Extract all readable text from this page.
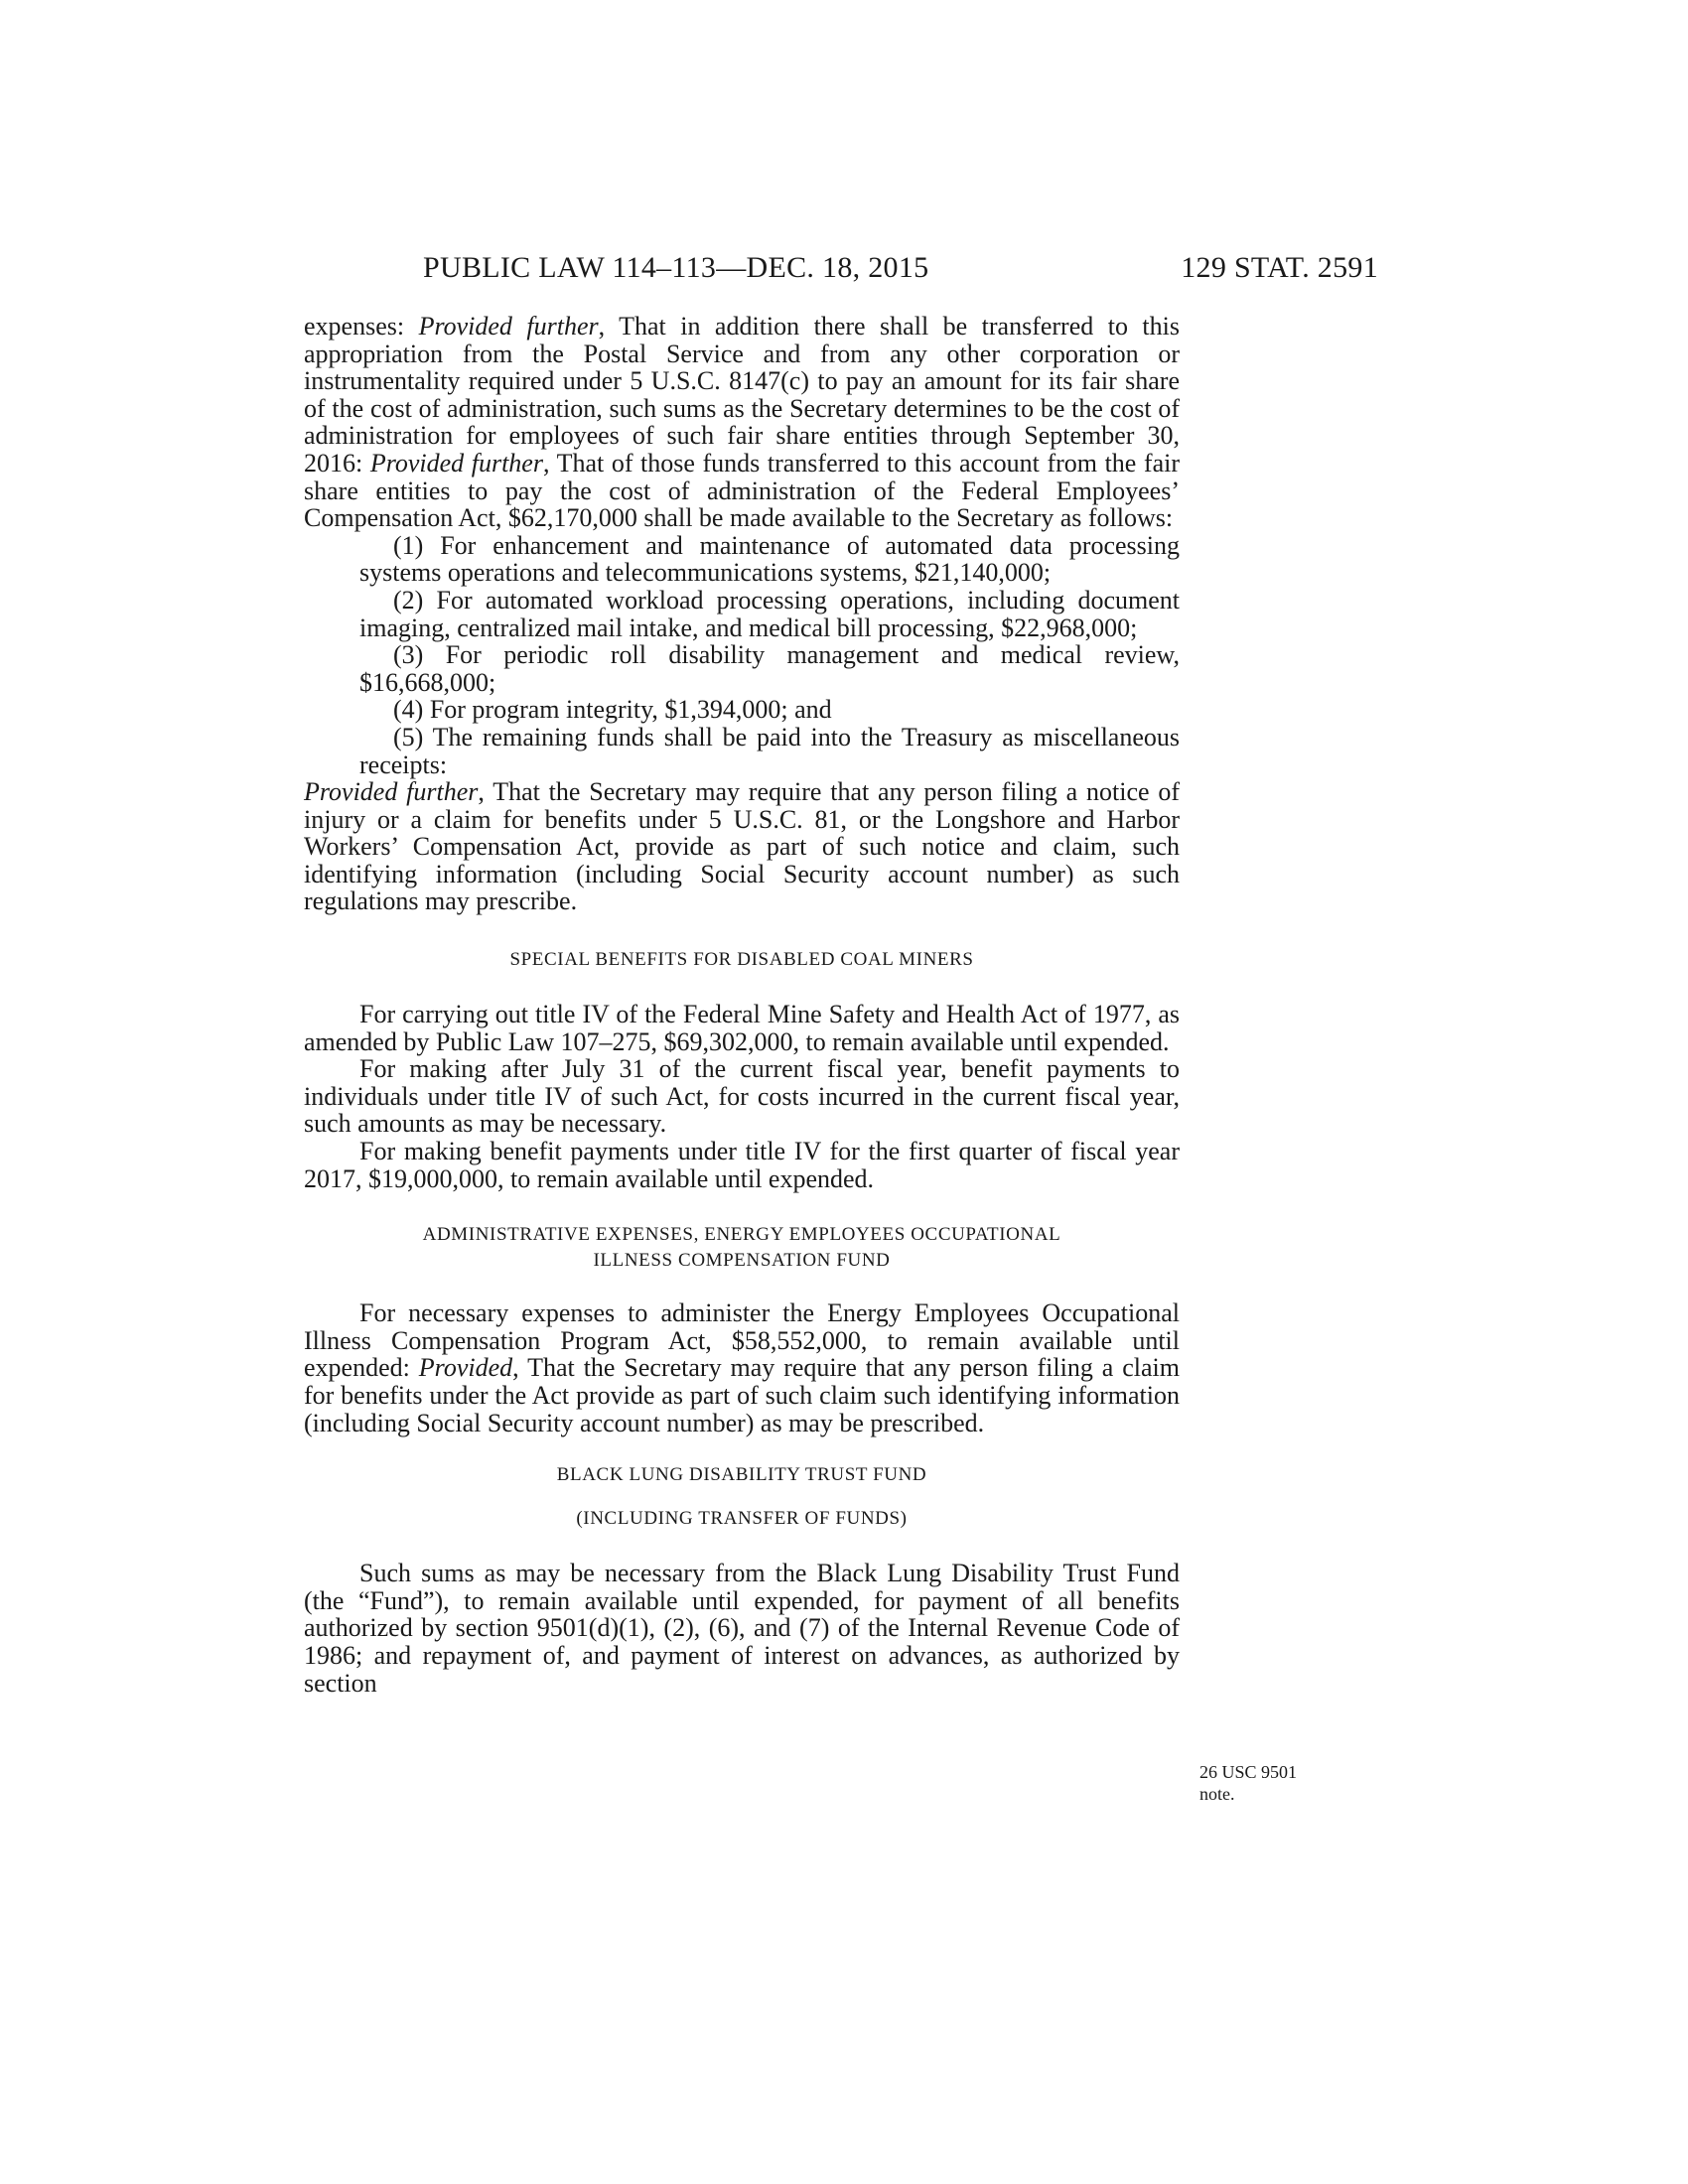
PUBLIC LAW 114–113—DEC. 18, 2015	129 STAT. 2591

expenses: Provided further, That in addition there shall be transferred to this appropriation from the Postal Service and from any other corporation or instrumentality required under 5 U.S.C. 8147(c) to pay an amount for its fair share of the cost of administration, such sums as the Secretary determines to be the cost of administration for employees of such fair share entities through September 30, 2016: Provided further, That of those funds transferred to this account from the fair share entities to pay the cost of administration of the Federal Employees’ Compensation Act, $62,170,000 shall be made available to the Secretary as follows:

(1) For enhancement and maintenance of automated data processing systems operations and telecommunications systems, $21,140,000;

(2) For automated workload processing operations, including document imaging, centralized mail intake, and medical bill processing, $22,968,000;

(3) For periodic roll disability management and medical review, $16,668,000;

(4) For program integrity, $1,394,000; and

(5) The remaining funds shall be paid into the Treasury as miscellaneous receipts:

Provided further, That the Secretary may require that any person filing a notice of injury or a claim for benefits under 5 U.S.C. 81, or the Longshore and Harbor Workers’ Compensation Act, provide as part of such notice and claim, such identifying information (including Social Security account number) as such regulations may prescribe.

SPECIAL BENEFITS FOR DISABLED COAL MINERS

For carrying out title IV of the Federal Mine Safety and Health Act of 1977, as amended by Public Law 107–275, $69,302,000, to remain available until expended.

For making after July 31 of the current fiscal year, benefit payments to individuals under title IV of such Act, for costs incurred in the current fiscal year, such amounts as may be necessary.

For making benefit payments under title IV for the first quarter of fiscal year 2017, $19,000,000, to remain available until expended.

ADMINISTRATIVE EXPENSES, ENERGY EMPLOYEES OCCUPATIONAL
ILLNESS COMPENSATION FUND

For necessary expenses to administer the Energy Employees Occupational Illness Compensation Program Act, $58,552,000, to remain available until expended: Provided, That the Secretary may require that any person filing a claim for benefits under the Act provide as part of such claim such identifying information (including Social Security account number) as may be prescribed.

BLACK LUNG DISABILITY TRUST FUND

(INCLUDING TRANSFER OF FUNDS)

Such sums as may be necessary from the Black Lung Disability Trust Fund (the “Fund”), to remain available until expended, for payment of all benefits authorized by section 9501(d)(1), (2), (6), and (7) of the Internal Revenue Code of 1986; and repayment of, and payment of interest on advances, as authorized by section

26 USC 9501
note.
